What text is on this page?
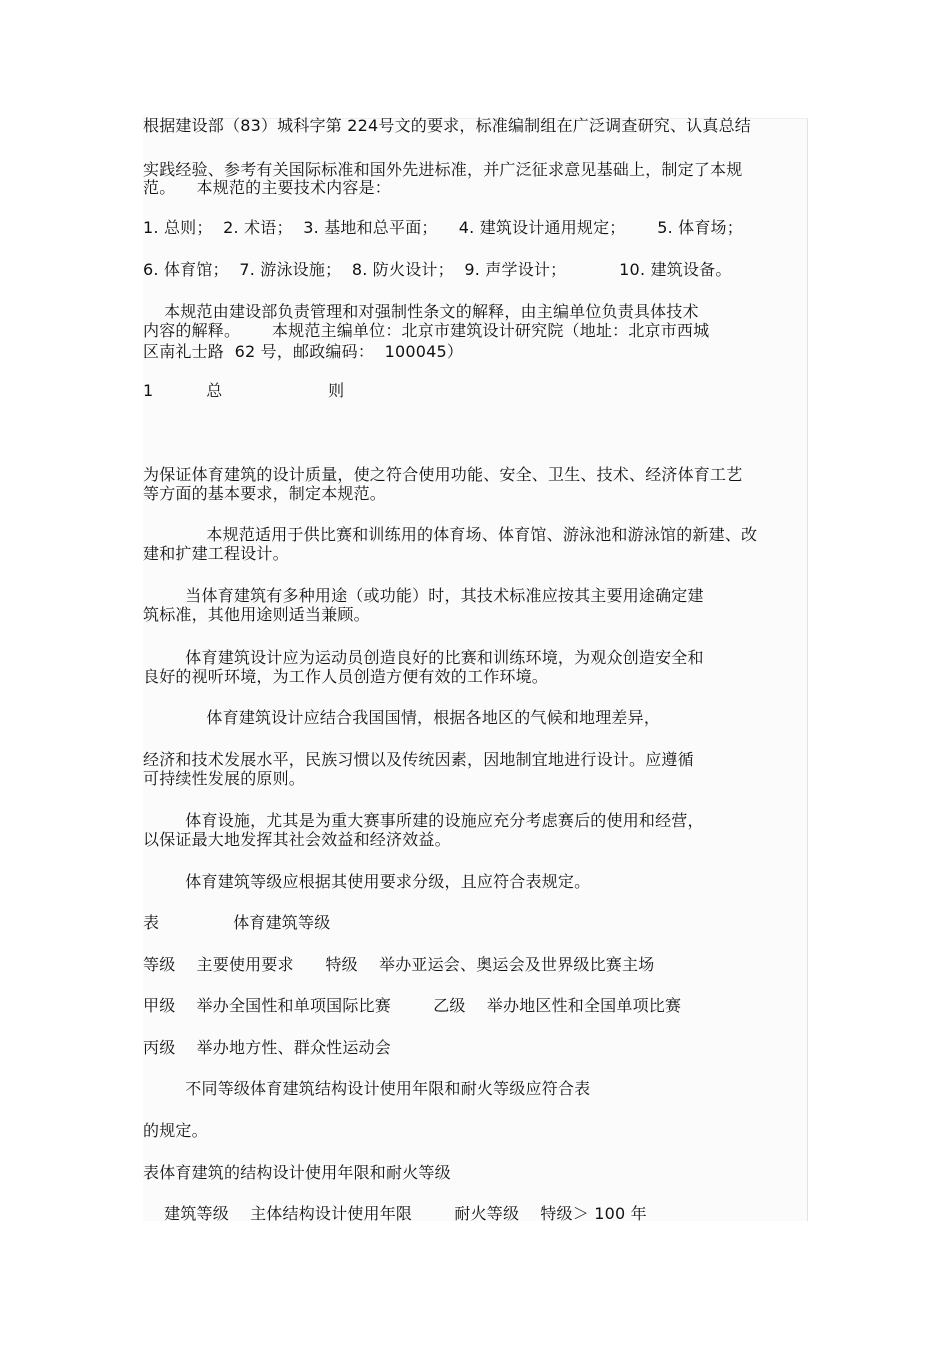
根据建设部（83）城科字第 224号文的要求，标准编制组在广泛调查研究、认真总结
实践经验、参考有关国际标准和国外先进标准，并广泛征求意见基础上，制定了本规
范。    本规范的主要技术内容是：
1. 总则；  2. 术语；  3. 基地和总平面；    4. 建筑设计通用规定；      5. 体育场；
6. 体育馆；  7. 游泳设施；  8. 防火设计；  9. 声学设计；          10. 建筑设备。
本规范由建设部负责管理和对强制性条文的解释，由主编单位负责具体技术
内容的解释。      本规范主编单位：北京市建筑设计研究院（地址：北京市西城
区南礼士路  62 号，邮政编码：  100045）
1          总                    则
为保证体育建筑的设计质量，使之符合使用功能、安全、卫生、技术、经济体育工艺
等方面的基本要求，制定本规范。
本规范适用于供比赛和训练用的体育场、体育馆、游泳池和游泳馆的新建、改
建和扩建工程设计。
当体育建筑有多种用途（或功能）时，其技术标准应按其主要用途确定建
筑标准，其他用途则适当兼顾。
体育建筑设计应为运动员创造良好的比赛和训练环境，为观众创造安全和
良好的视听环境，为工作人员创造方便有效的工作环境。
体育建筑设计应结合我国国情，根据各地区的气候和地理差异，
经济和技术发展水平，民族习惯以及传统因素，因地制宜地进行设计。应遵循
可持续性发展的原则。
体育设施，尤其是为重大赛事所建的设施应充分考虑赛后的使用和经营，
以保证最大地发挥其社会效益和经济效益。
体育建筑等级应根据其使用要求分级，且应符合表规定。
表              体育建筑等级
等级    主要使用要求      特级    举办亚运会、奥运会及世界级比赛主场
甲级    举办全国性和单项国际比赛        乙级    举办地区性和全国单项比赛
丙级    举办地方性、群众性运动会
不同等级体育建筑结构设计使用年限和耐火等级应符合表
的规定。
表体育建筑的结构设计使用年限和耐火等级
建筑等级    主体结构设计使用年限        耐火等级    特级＞ 100 年
